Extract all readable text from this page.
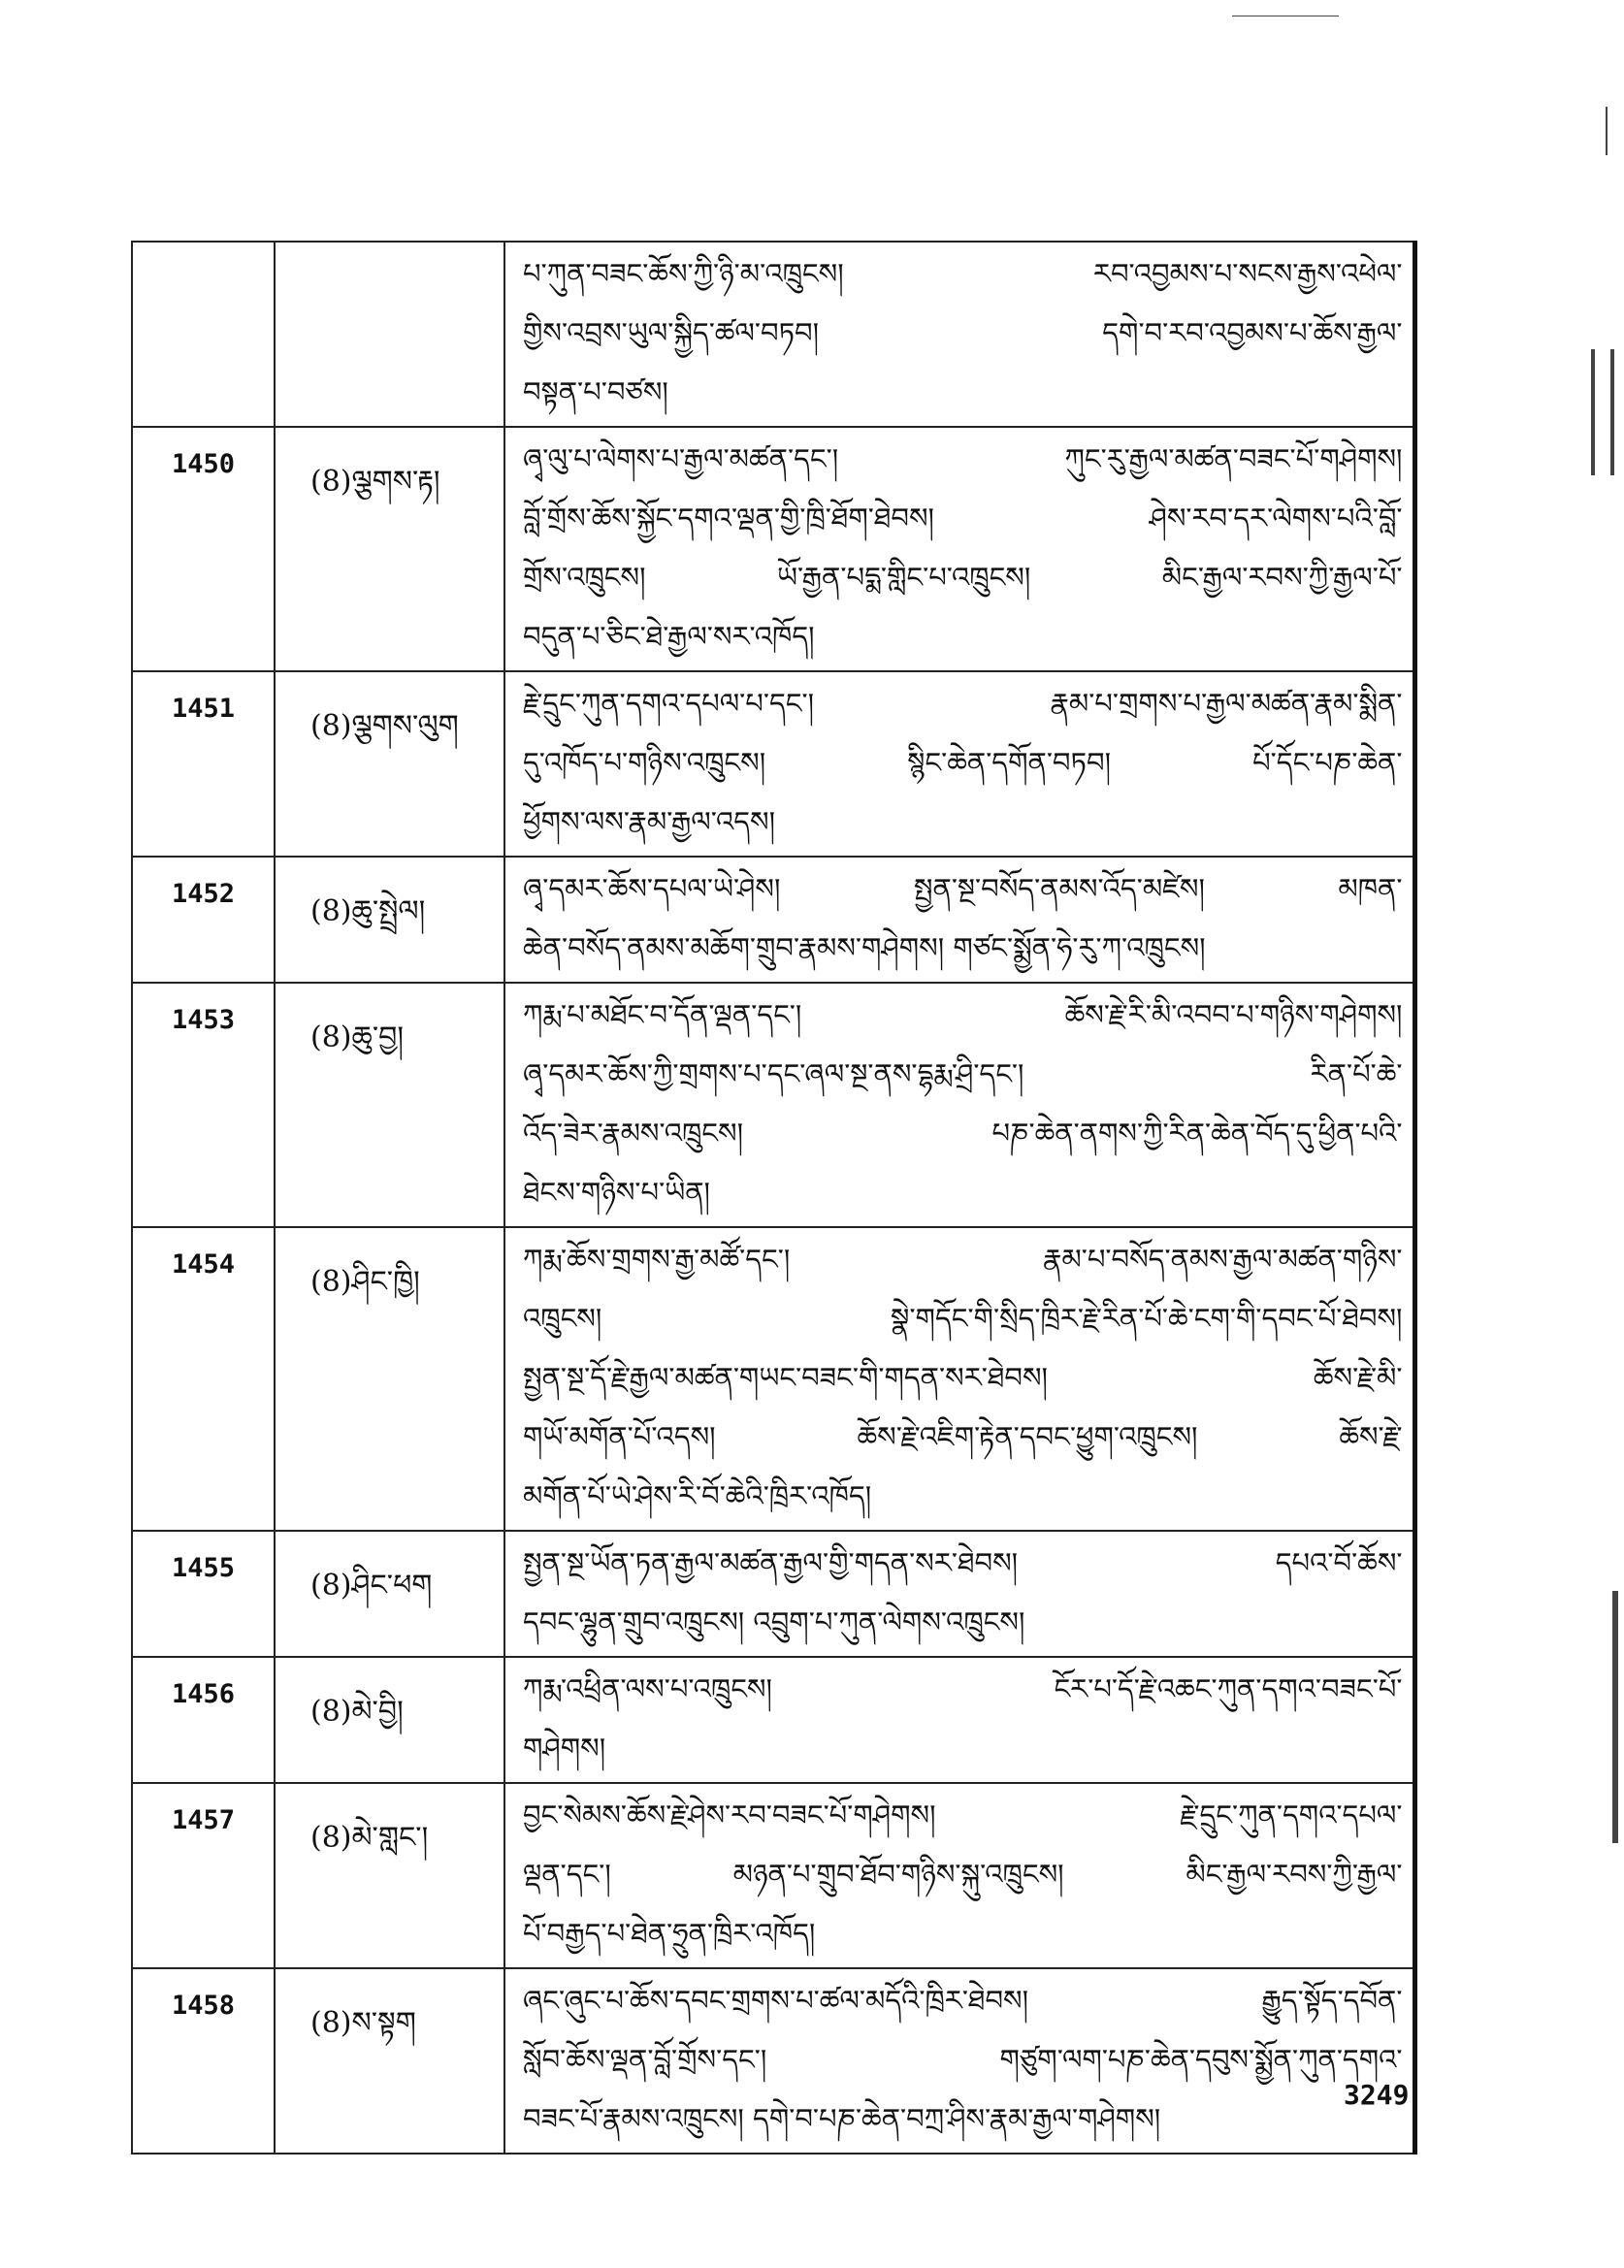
		པ་ཀུན་བཟང་ཆོས་ཀྱི་ཉི་མ་འཁྲུངས། རབ་འབྱམས་པ་སངས་རྒྱས་འཕེལ་
གྱིས་འབྲས་ཡུལ་སྐྱིད་ཚལ་བཏབ། དགེ་བ་རབ་འབྱམས་པ་ཆོས་རྒྱལ་
བསྟན་པ་བཙས།

1450	(8)ལྕགས་རྟ།	ཞྭ་ལུ་པ་ལེགས་པ་རྒྱལ་མཚན་དང་། ཀུང་རུ་རྒྱལ་མཚན་བཟང་པོ་གཤེགས།
བློ་གྲོས་ཆོས་སྐྱོང་དགའ་ལྡན་གྱི་ཁྲི་ཐོག་ཐེབས། ཤེས་རབ་དར་ལེགས་པའི་བློ་
གྲོས་འཁྲུངས། ཡོ་རྒྱན་པདྨ་གླིང་པ་འཁྲུངས། མིང་རྒྱལ་རབས་ཀྱི་རྒྱལ་པོ་
བདུན་པ་ཅིང་ཐེ་རྒྱལ་སར་འཁོད།

1451	(8)ལྕགས་ལུག	རྗེ་དྲུང་ཀུན་དགའ་དཔལ་པ་དང་། རྣམ་པ་གྲགས་པ་རྒྱལ་མཚན་རྣམ་སྨིན་
དུ་འཁོད་པ་གཉིས་འཁྲུངས། སྙིང་ཆེན་དགོན་བཏབ། པོ་དོང་པཎ་ཆེན་
ཕྱོགས་ལས་རྣམ་རྒྱལ་འདས།

1452	(8)ཆུ་སྤྲེལ།	ཞྭ་དམར་ཆོས་དཔལ་ཡེ་ཤེས། སྤྱན་སྔ་བསོད་ནམས་འོད་མཛེས། མཁན་
ཆེན་བསོད་ནམས་མཆོག་གྲུབ་རྣམས་གཤེགས། གཙང་སྨྱོན་ཧེ་རུ་ཀ་འཁྲུངས།

1453	(8)ཆུ་བྱ།	ཀརྨ་པ་མཐོང་བ་དོན་ལྡན་དང་། ཆོས་རྗེ་རི་མི་འབབ་པ་གཉིས་གཤེགས།
ཞྭ་དམར་ཆོས་ཀྱི་གྲགས་པ་དང་ཞལ་སྔ་ནས་དྷརྨ་ཤྲི་དང་། རིན་པོ་ཆེ་
འོད་ཟེར་རྣམས་འཁྲུངས། པཎ་ཆེན་ནགས་ཀྱི་རིན་ཆེན་བོད་དུ་ཕྱིན་པའི་
ཐེངས་གཉིས་པ་ཡིན།

1454	(8)ཤིང་ཁྱི།	ཀརྨ་ཆོས་གྲགས་རྒྱ་མཚོ་དང་། རྣམ་པ་བསོད་ནམས་རྒྱལ་མཚན་གཉིས་
འཁྲུངས། སྣེ་གདོང་གི་སྲིད་ཁྲིར་རྗེ་རིན་པོ་ཆེ་ངག་གི་དབང་པོ་ཐེབས།
སྤྱན་སྔ་དོ་རྗེ་རྒྱལ་མཚན་གཡང་བཟང་གི་གདན་སར་ཐེབས། ཆོས་རྗེ་མི་
གཡོ་མགོན་པོ་འདས། ཆོས་རྗེ་འཇིག་རྟེན་དབང་ཕྱུག་འཁྲུངས། ཆོས་རྗེ་
མགོན་པོ་ཡེ་ཤེས་རི་བོ་ཆེའི་ཁྲིར་འཁོད།

1455	(8)ཤིང་ཕག	སྤྱན་སྔ་ཡོན་ཏན་རྒྱལ་མཚན་རྒྱལ་གྱི་གདན་སར་ཐེབས། དཔའ་བོ་ཆོས་
དབང་ལྷུན་གྲུབ་འཁྲུངས། འབྲུག་པ་ཀུན་ལེགས་འཁྲུངས།

1456	(8)མེ་བྱི།	ཀརྨ་འཕྲིན་ལས་པ་འཁྲུངས། ངོར་པ་དོ་རྗེ་འཆང་ཀུན་དགའ་བཟང་པོ་
གཤེགས།

1457	(8)མེ་གླང་།	བྱང་སེམས་ཆོས་རྗེ་ཤེས་རབ་བཟང་པོ་གཤེགས། རྗེ་དྲུང་ཀུན་དགའ་དཔལ་
ལྡན་དང་། མཉན་པ་གྲུབ་ཐོབ་གཉིས་སྐུ་འཁྲུངས། མིང་རྒྱལ་རབས་ཀྱི་རྒྱལ་
པོ་བརྒྱད་པ་ཐེན་ཧྲུན་ཁྲིར་འཁོད།

1458	(8)ས་སྟག	ཞང་ཞུང་པ་ཆོས་དབང་གྲགས་པ་ཚལ་མདོའི་ཁྲིར་ཐེབས། རྒྱུད་སྟོད་དབོན་
སློབ་ཆོས་ལྡན་བློ་གྲོས་དང་། གཙུག་ལག་པཎ་ཆེན་དབུས་སྨྱོན་ཀུན་དགའ་
བཟང་པོ་རྣམས་འཁྲུངས། དགེ་བ་པཎ་ཆེན་བཀྲ་ཤིས་རྣམ་རྒྱལ་གཤེགས།
3249
